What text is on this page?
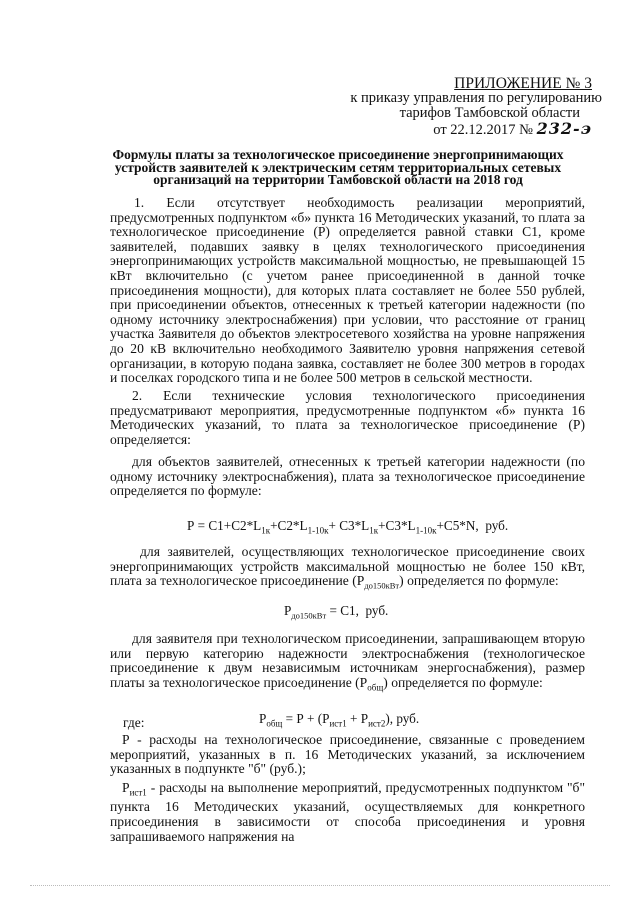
ПРИЛОЖЕНИЕ № 3
к приказу управления по регулированию
тарифов Тамбовской области
от 22.12.2017 № 232-э
Формулы платы за технологическое присоединение энергопринимающих устройств заявителей к электрическим сетям территориальных сетевых организаций на территории Тамбовской области на 2018 год
1. Если отсутствует необходимость реализации мероприятий, предусмотренных подпунктом «б» пункта 16 Методических указаний, то плата за технологическое присоединение (Р) определяется равной ставки С1, кроме заявителей, подавших заявку в целях технологического присоединения энергопринимающих устройств максимальной мощностью, не превышающей 15 кВт включительно (с учетом ранее присоединенной в данной точке присоединения мощности), для которых плата составляет не более 550 рублей, при присоединении объектов, отнесенных к третьей категории надежности (по одному источнику электроснабжения) при условии, что расстояние от границ участка Заявителя до объектов электросетевого хозяйства на уровне напряжения до 20 кВ включительно необходимого Заявителю уровня напряжения сетевой организации, в которую подана заявка, составляет не более 300 метров в городах и поселках городского типа и не более 500 метров в сельской местности.
2. Если технические условия технологического присоединения предусматривают мероприятия, предусмотренные подпунктом «б» пункта 16 Методических указаний, то плата за технологическое присоединение (Р) определяется:
для объектов заявителей, отнесенных к третьей категории надежности (по одному источнику электроснабжения), плата за технологическое присоединение определяется по формуле:
$Р = С1+С2*L_{1к}+С2*L_{1-10к}+ С3*L_{1к}+С3*L_{1-10к}+С5*N$,  руб.
для заявителей, осуществляющих технологическое присоединение своих энергопринимающих устройств максимальной мощностью не более 150 кВт, плата за технологическое присоединение $(Р_{до150кВт})$ определяется по формуле:
$Р_{до150кВт} = С1$,  руб.
для заявителя при технологическом присоединении, запрашивающем вторую или первую категорию надежности электроснабжения (технологическое присоединение к двум независимым источникам энергоснабжения), размер платы за технологическое присоединение $(Р_{общ})$ определяется по формуле:
$Р_{общ} = Р + (Р_{ист1} + Р_{ист2})$, руб.
где:
Р - расходы на технологическое присоединение, связанные с проведением мероприятий, указанных в п. 16 Методических указаний, за исключением указанных в подпункте "б" (руб.);
$Р_{ист1}$ - расходы на выполнение мероприятий, предусмотренных подпунктом "б" пункта 16 Методических указаний, осуществляемых для конкретного присоединения в зависимости от способа присоединения и уровня запрашиваемого напряжения на
